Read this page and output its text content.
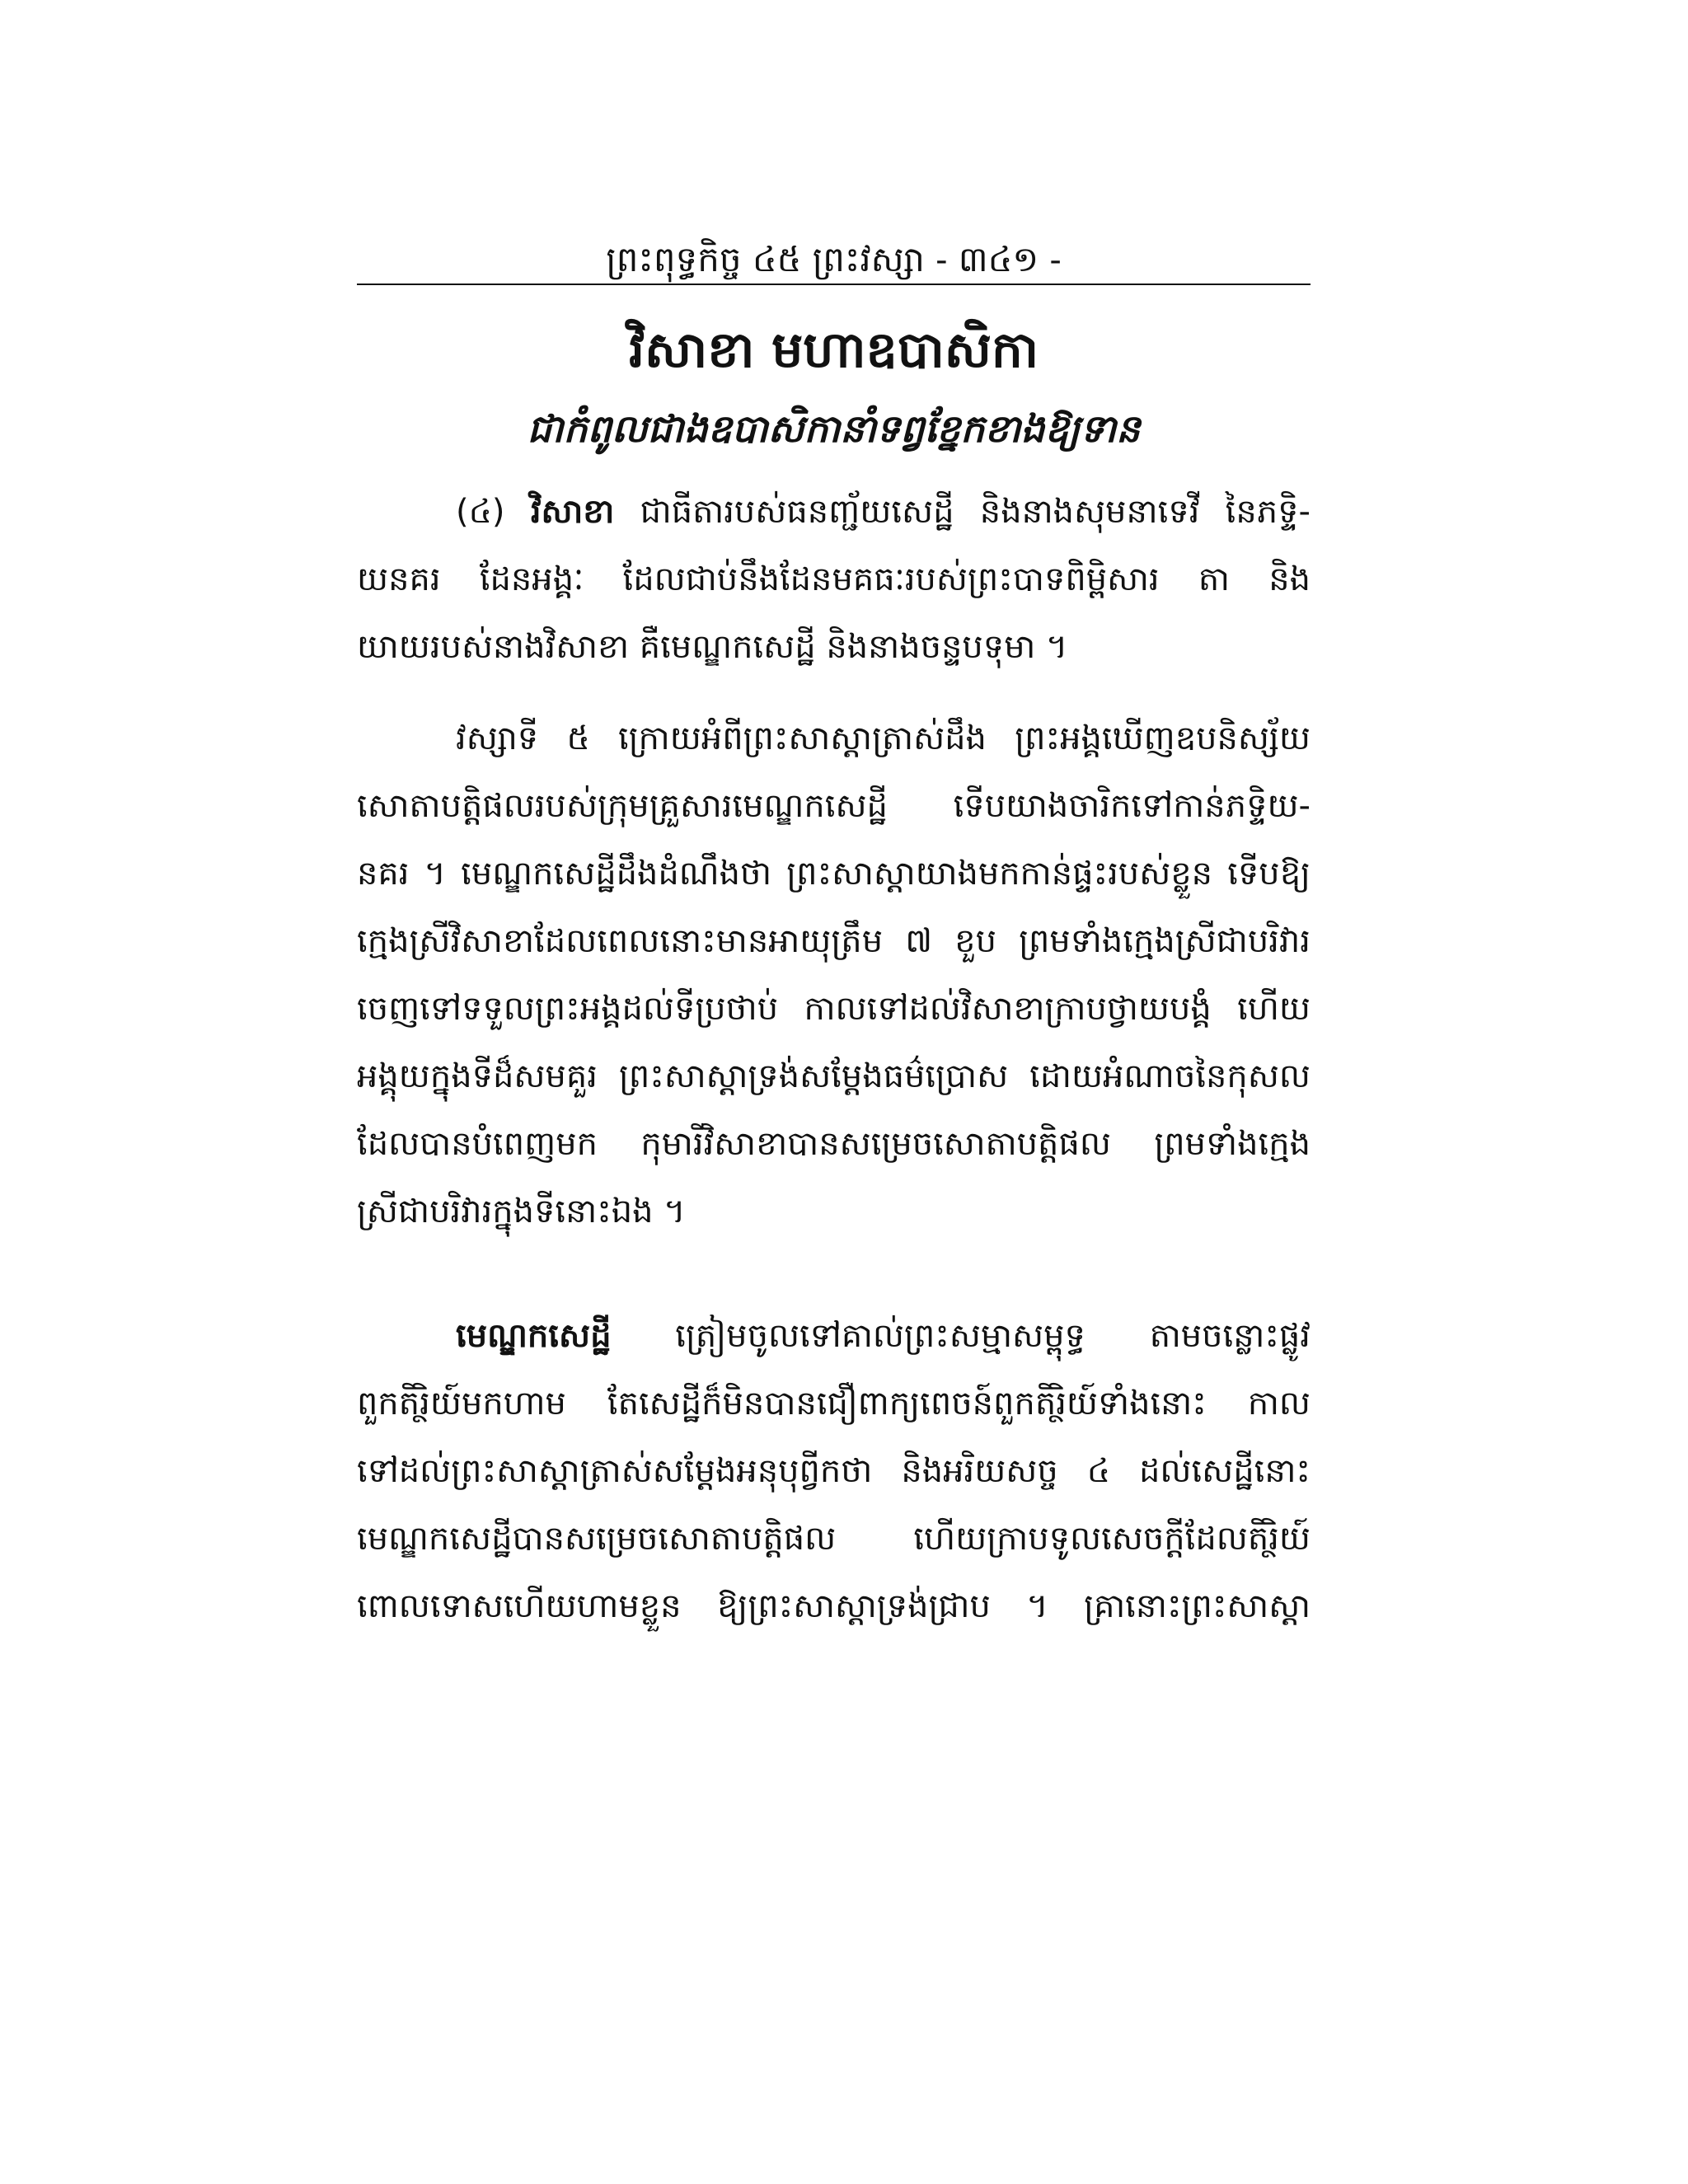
ព្រះពុទ្ធកិច្ច ៤៥ ព្រះវស្សា - ៣៤១ -
វិសាខា មហាឧបាសិកា
ជាកំពូលជាងឧបាសិកានាំទព្វខ្នែកខាងឱ្យទាន
(៤) វិសាខា ជាធីតារបស់ធនញ្ជ័យសេដ្ឋី និងនាងសុមនាទេវី នៃភទ្ទិ-
យនគរ ដែនអង្គៈ ដែលជាប់នឹងដែនមគធៈរបស់ព្រះបាទពិម្ពិសារ តា និង
យាយរបស់នាងវិសាខា គឺមេណ្ឌកសេដ្ឋី និងនាងចន្ទបទុមា ។
វស្សាទី ៥ ក្រោយអំពីព្រះសាស្តាត្រាស់ដឹង ព្រះអង្គឃើញឧបនិស្ស័យ
សោតាបត្តិផលរបស់ក្រុមគ្រួសារមេណ្ឌកសេដ្ឋី ទើបយាងចារិកទៅកាន់ភទ្ទិយ-
នគរ ។ មេណ្ឌកសេដ្ឋីដឹងដំណឹងថា ព្រះសាស្តាយាងមកកាន់ផ្ទះរបស់ខ្លួន ទើបឱ្យ
ក្មេងស្រីវិសាខាដែលពេលនោះមានអាយុត្រឹម ៧ ខួប ព្រមទាំងក្មេងស្រីជាបរិវារ
ចេញទៅទទួលព្រះអង្គដល់ទីប្រថាប់ កាលទៅដល់វិសាខាក្រាបថ្វាយបង្គំ ហើយ
អង្គុយក្នុងទីដ៏សមគួរ ព្រះសាស្តាទ្រង់សម្តែងធម៌ប្រោស ដោយអំណាចនៃកុសល
ដែលបានបំពេញមក កុមារីវិសាខាបានសម្រេចសោតាបត្តិផល ព្រមទាំងក្មេង
ស្រីជាបរិវារក្នុងទីនោះឯង ។
មេណ្ឌកសេដ្ឋី ត្រៀមចូលទៅគាល់ព្រះសម្មាសម្ពុទ្ធ តាមចន្លោះផ្លូវ
ពួកតិរ្ថិយ៍មកហាម តែសេដ្ឋីក៏មិនបានជឿពាក្យពេចន៍ពួកតិរ្ថិយ៍ទាំងនោះ កាល
ទៅដល់ព្រះសាស្តាត្រាស់សម្តែងអនុបុព្វីកថា និងអរិយសច្ច ៤ ដល់សេដ្ឋីនោះ
មេណ្ឌកសេដ្ឋីបានសម្រេចសោតាបត្តិផល ហើយក្រាបទូលសេចក្តីដែលតិរ្ថិយ៍
ពោលទោសហើយហាមខ្លួន ឱ្យព្រះសាស្តាទ្រង់ជ្រាប ។ គ្រានោះព្រះសាស្តា
